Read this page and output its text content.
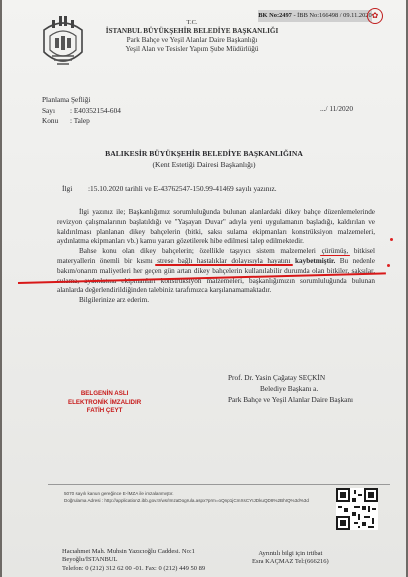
T.C.
İSTANBUL BÜYÜKŞEHİR BELEDİYE BAŞKANLIĞI
Park Bahçe ve Yeşil Alanlar Daire Başkanlığı
Yeşil Alan ve Tesisler Yapım Şube Müdürlüğü
BK No:2497 - İBB No:166498 / 09.11.2020 ✿
Planlama Şefliği
Sayı : E40352154-604
Konu : Talep
.../ 11/2020
BALIKESİR BÜYÜKŞEHİR BELEDİYE BAŞKANLIĞINA
(Kent Estetiği Dairesi Başkanlığı)
İlgi :15.10.2020 tarihli ve E-43762547-150.99-41469 sayılı yazınız.

İlgi yazınız ile; Başkanlığımız sorumluluğunda bulunan alanlardaki dikey bahçe düzenlemelerinde revizyon çalışmalarının başlatıldığı ve "Yaşayan Duvar" adıyla yeni uygulamanın başladığı, kaldırılan ve kaldırılması planlanan dikey bahçelerin (bitki, saksı sulama ekipmanları konstrüksiyon malzemeleri, aydınlatma ekipmanları vb.) kamu yararı gözetilerek hibe edilmesi talep edilmektedir.

Bahse konu olan dikey bahçelerin; özellikle taşıyıcı sistem malzemeleri çürümüş, bitkisel materyallerin önemli bir kısmı strese bağlı hastalıklar dolayısıyla hayatını kaybetmiştir. Bu nedenle bakım/onarım maliyetleri her geçen gün artan dikey bahçelerin kullanılabilir durumda olan bitkiler, saksılar, sulama, aydınlatma ekipmanları konstrüksiyon malzemeleri, başkanlığımızın sorumluluğunda bulunan alanlarda değerlendirildiğinden talebiniz tarafımızca karşılanamamaktadır.

Bilgilerinize arz ederim.

Prof. Dr. Yasin Çağatay SEÇKİN
Belediye Başkanı a.
Park Bahçe ve Yeşil Alanlar Daire Başkanı
BELGENİN ASLI
ELEKTRONİK İMZALIDIR
FATİH ÇEYT
5070 sayılı kanun gereğince E-İMZA ile imzalanmıştır.
Doğrulama Adresi : http://application2.ibb.gov.tr/ws/ImzaDogrula.aspx?prm=oQnp1jCmXsCYIJDkuQD8%2BhIQ%3d%3d
Hacıahmet Mah. Muhsin Yazıcıoğlu Caddesi. No:1
Beyoğlu/İSTANBUL
Telefon: 0 (212) 312 62 00 -01. Fax: 0 (212) 449 50 89
Ayrıntılı bilgi için irtibat
Esra KAÇMAZ Tel:(666216)
